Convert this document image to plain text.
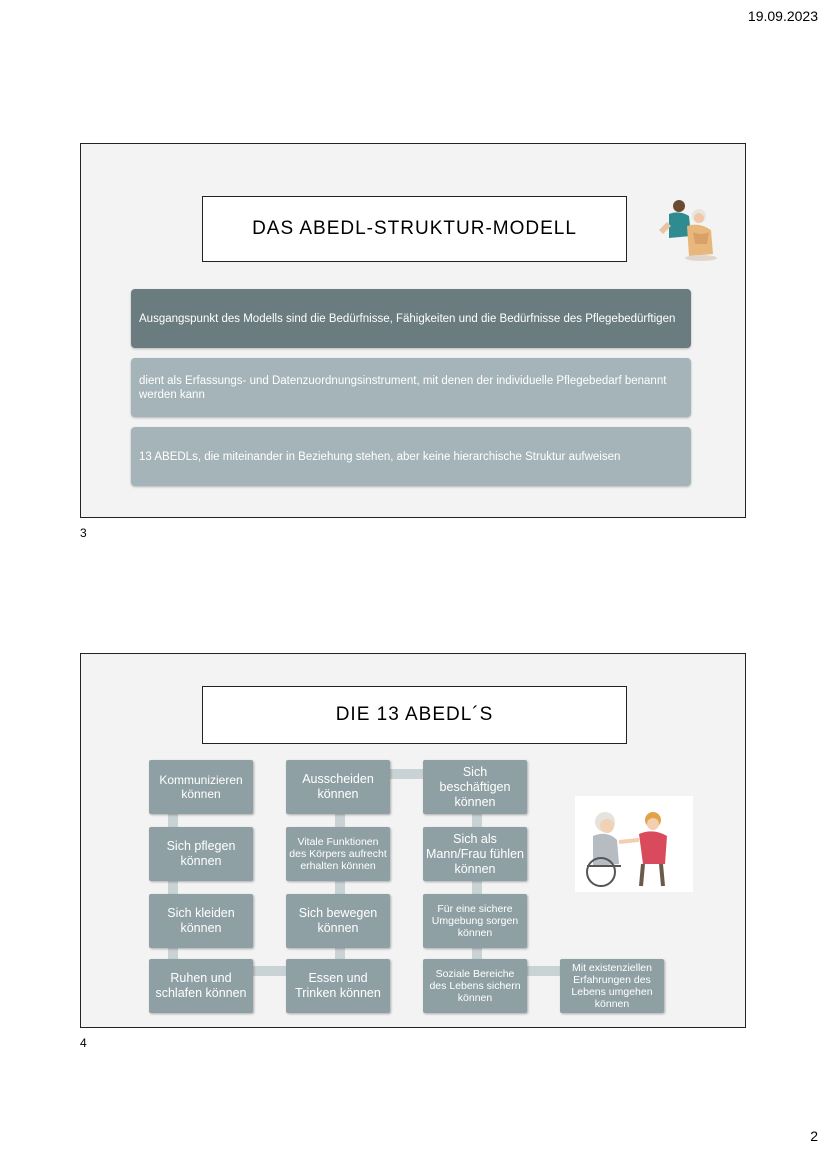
19.09.2023
DAS ABEDL-STRUKTUR-MODELL
Ausgangspunkt des Modells sind die Bedürfnisse, Fähigkeiten und die Bedürfnisse des Pflegebedürftigen
dient als Erfassungs- und Datenzuordnungsinstrument, mit denen der individuelle Pflegebedarf benannt werden kann
13 ABEDLs, die miteinander in Beziehung stehen, aber keine hierarchische Struktur aufweisen
3
DIE 13 ABEDL´S
Kommunizieren können
Sich pflegen können
Sich kleiden können
Ruhen und schlafen können
Ausscheiden können
Vitale Funktionen des Körpers aufrecht erhalten können
Sich bewegen können
Essen und Trinken können
Sich beschäftigen können
Sich als Mann/Frau fühlen können
Für eine sichere Umgebung sorgen können
Soziale Bereiche des Lebens sichern können
Mit existenziellen Erfahrungen des Lebens umgehen können
4
2
